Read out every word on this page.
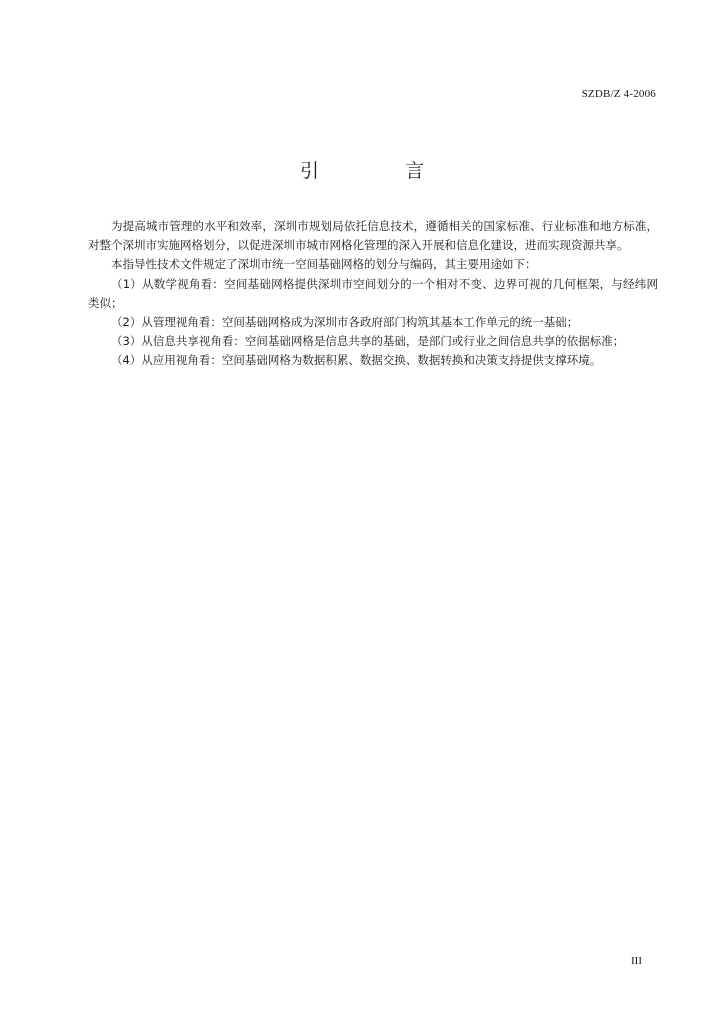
SZDB/Z 4-2006
引 言

为提高城市管理的水平和效率，深圳市规划局依托信息技术，遵循相关的国家标准、行业标准和地方标准，对整个深圳市实施网格划分，以促进深圳市城市网格化管理的深入开展和信息化建设，进而实现资源共享。

本指导性技术文件规定了深圳市统一空间基础网格的划分与编码，其主要用途如下：

（1）从数学视角看：空间基础网格提供深圳市空间划分的一个相对不变、边界可视的几何框架，与经纬网类似；

（2）从管理视角看：空间基础网格成为深圳市各政府部门构筑其基本工作单元的统一基础；

（3）从信息共享视角看：空间基础网格是信息共享的基础，是部门或行业之间信息共享的依据标准；

（4）从应用视角看：空间基础网格为数据积累、数据交换、数据转换和决策支持提供支撑环境。

III
